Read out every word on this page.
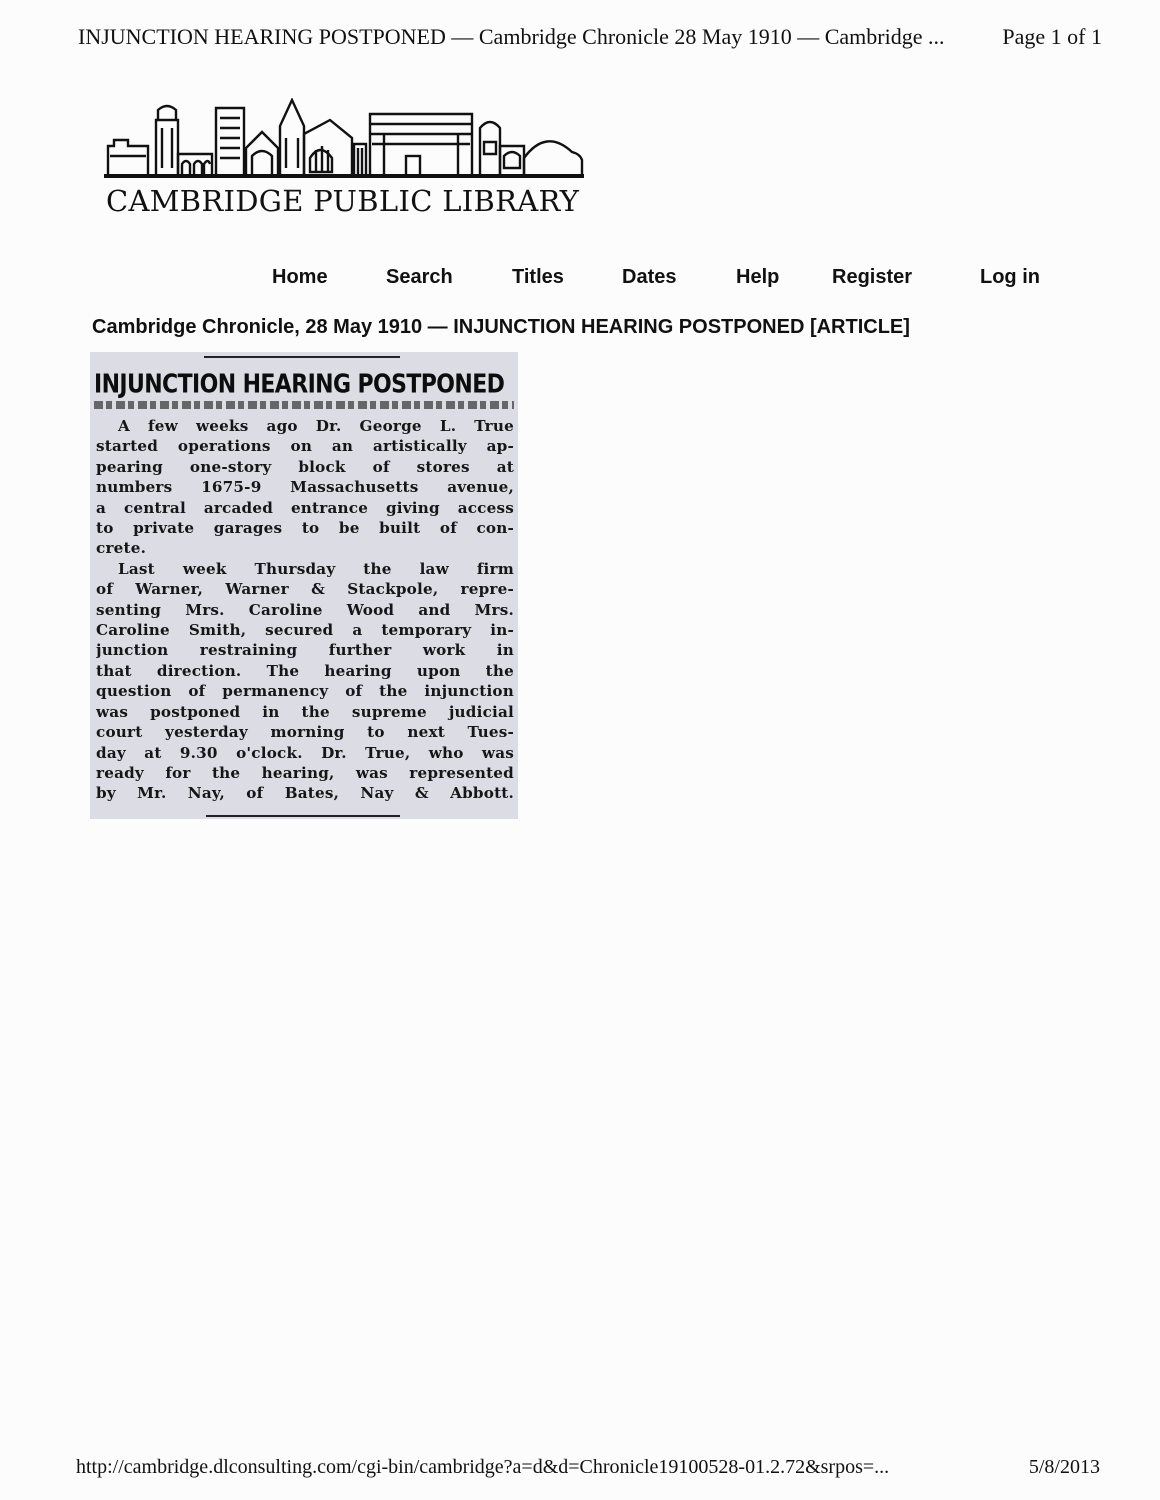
INJUNCTION HEARING POSTPONED — Cambridge Chronicle 28 May 1910 — Cambridge ...	Page 1 of 1
CAMBRIDGE PUBLIC LIBRARY
Home	Search	Titles	Dates	Help	Register	Log in
Cambridge Chronicle, 28 May 1910 — INJUNCTION HEARING POSTPONED [ARTICLE]
INJUNCTION HEARING POSTPONED
A few weeks ago Dr. George L. True
started operations on an artistically ap-
pearing one-story block of stores at
numbers 1675-9 Massachusetts avenue,
a central arcaded entrance giving access
to private garages to be built of con-
crete.
Last week Thursday the law firm
of Warner, Warner & Stackpole, repre-
senting Mrs. Caroline Wood and Mrs.
Caroline Smith, secured a temporary in-
junction restraining further work in
that direction. The hearing upon the
question of permanency of the injunction
was postponed in the supreme judicial
court yesterday morning to next Tues-
day at 9.30 o'clock. Dr. True, who was
ready for the hearing, was represented
by Mr. Nay, of Bates, Nay & Abbott.
http://cambridge.dlconsulting.com/cgi-bin/cambridge?a=d&d=Chronicle19100528-01.2.72&srpos=...	5/8/2013
